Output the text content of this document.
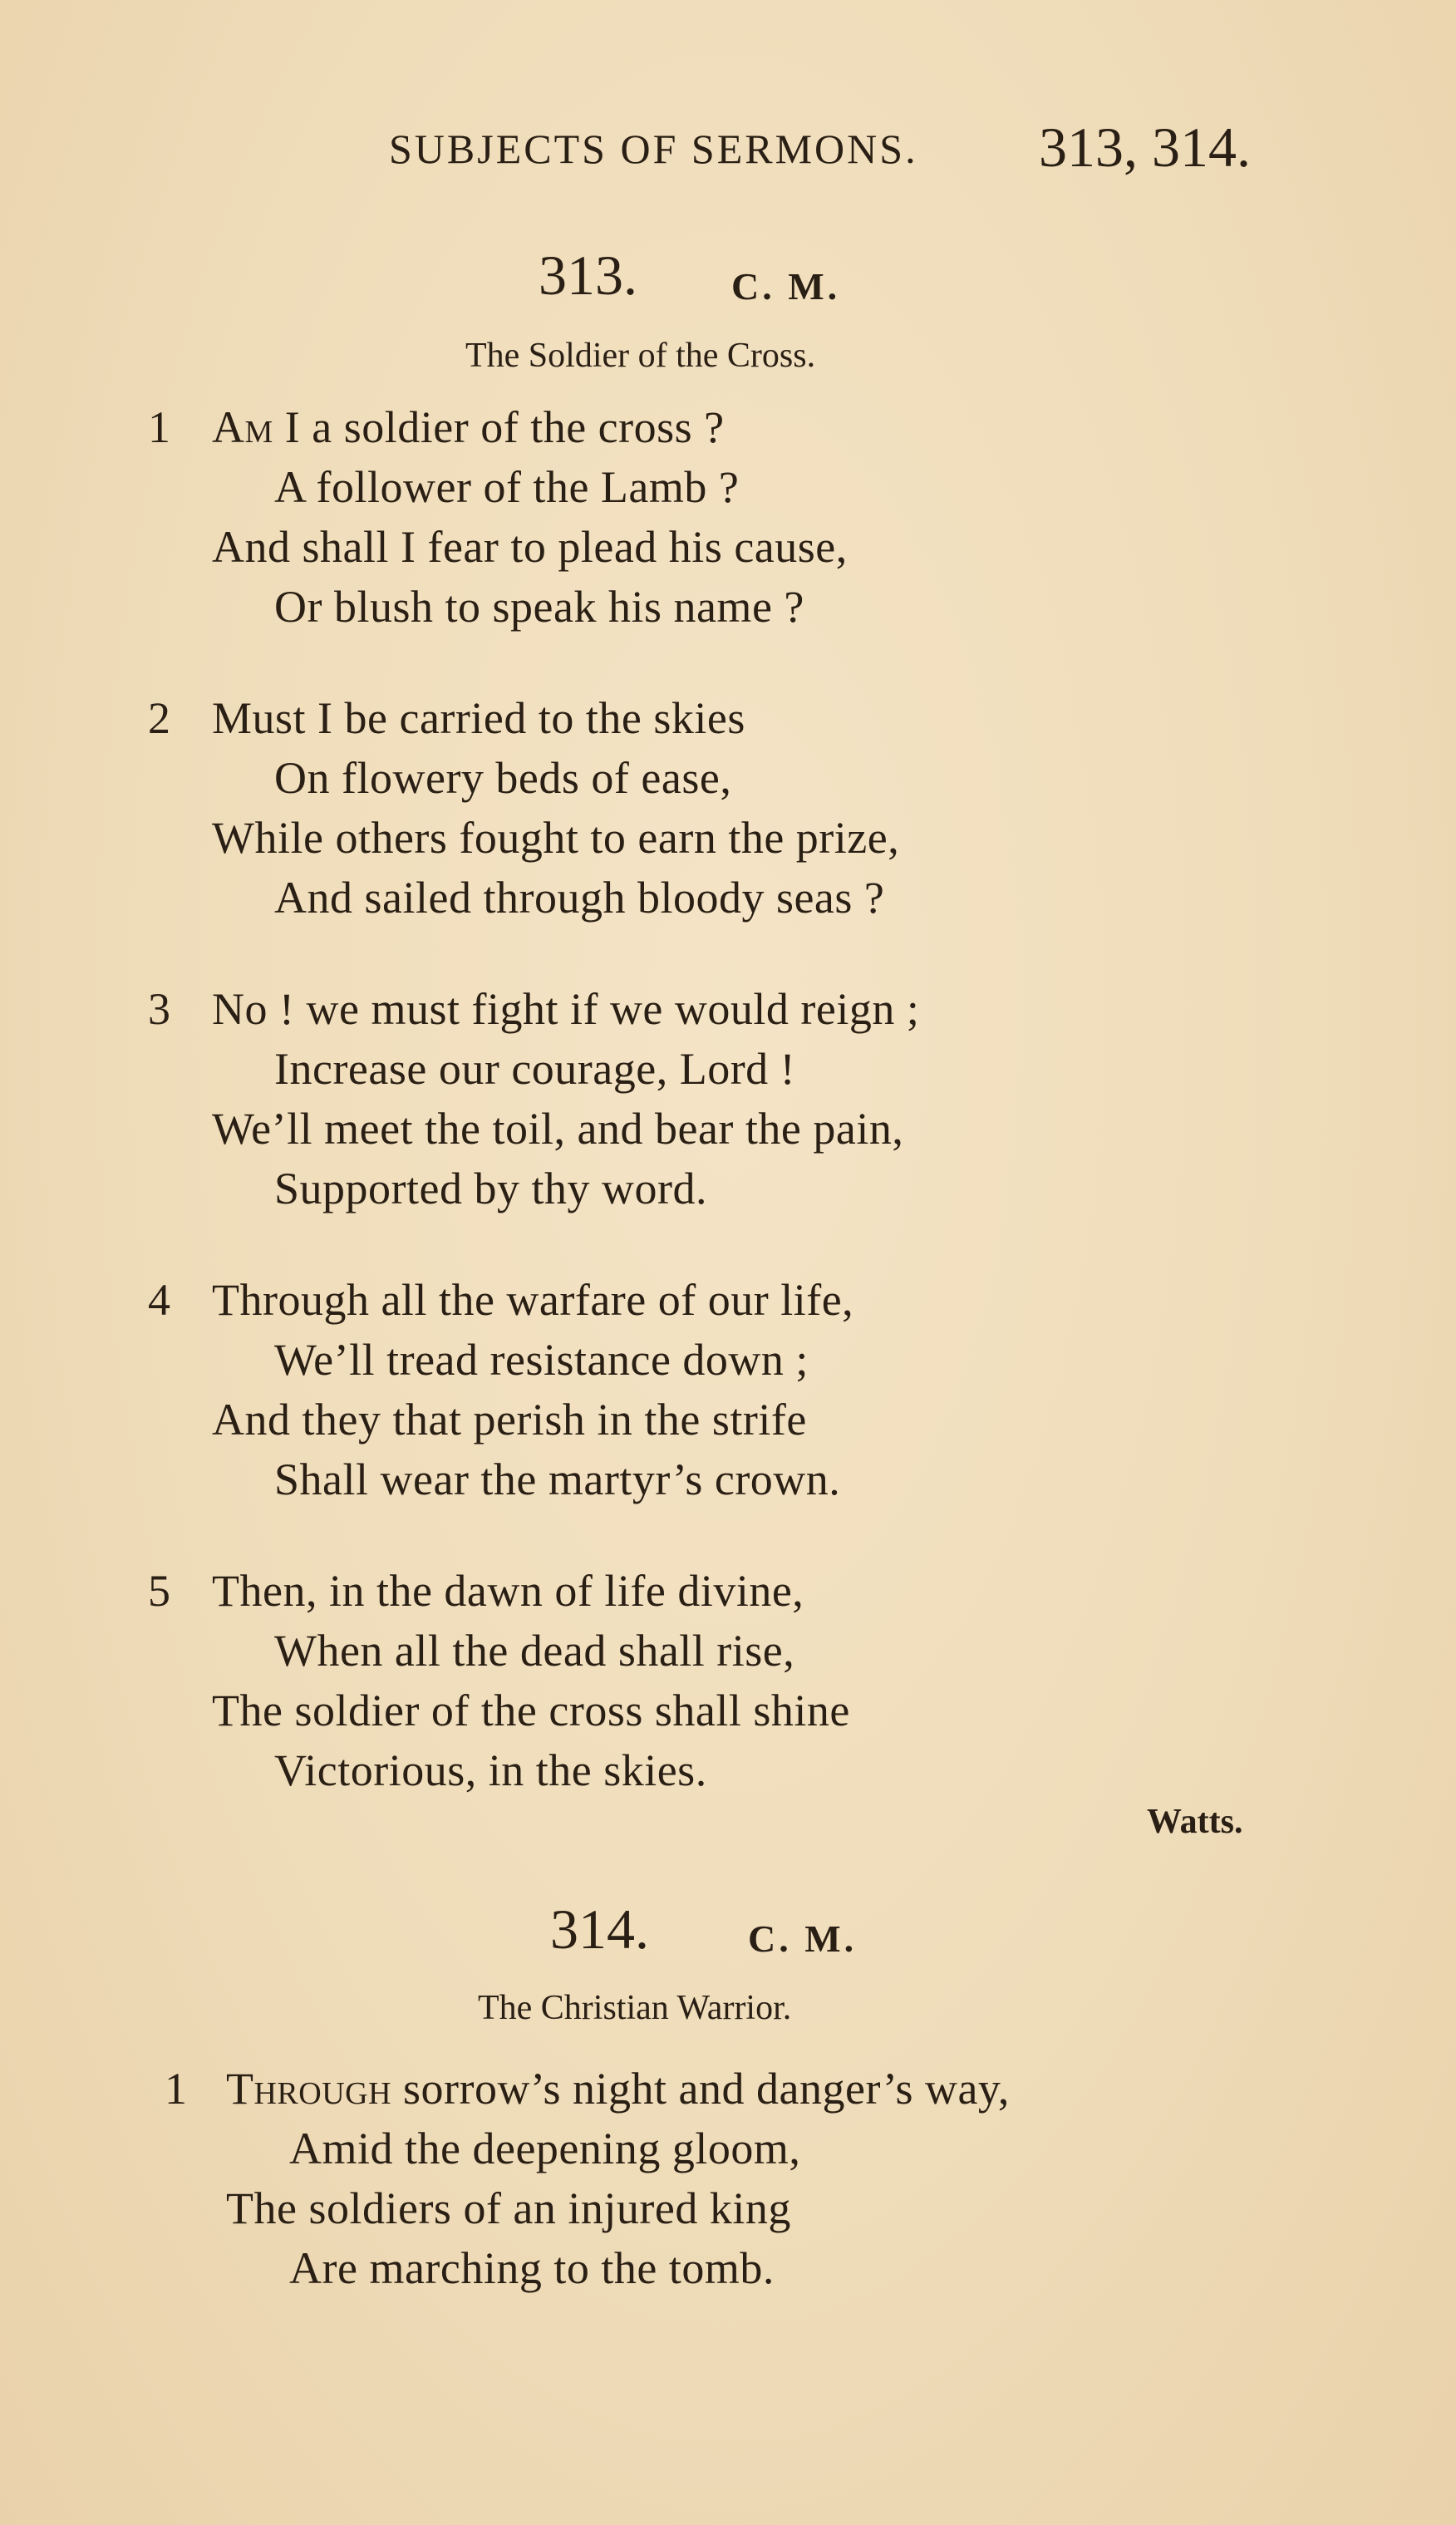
SUBJECTS OF SERMONS. 313, 314.
313. C. M.
The Soldier of the Cross.
1 Am I a soldier of the cross ?
A follower of the Lamb ?
And shall I fear to plead his cause,
Or blush to speak his name ?
2 Must I be carried to the skies
On flowery beds of ease,
While others fought to earn the prize,
And sailed through bloody seas ?
3 No ! we must fight if we would reign ;
Increase our courage, Lord !
We’ll meet the toil, and bear the pain,
Supported by thy word.
4 Through all the warfare of our life,
We’ll tread resistance down ;
And they that perish in the strife
Shall wear the martyr’s crown.
5 Then, in the dawn of life divine,
When all the dead shall rise,
The soldier of the cross shall shine
Victorious, in the skies.
Watts.
314.	C. M.
The Christian Warrior.
1 Through sorrow’s night and danger’s way,
Amid the deepening gloom,
The soldiers of an injured king
Are marching to the tomb.
